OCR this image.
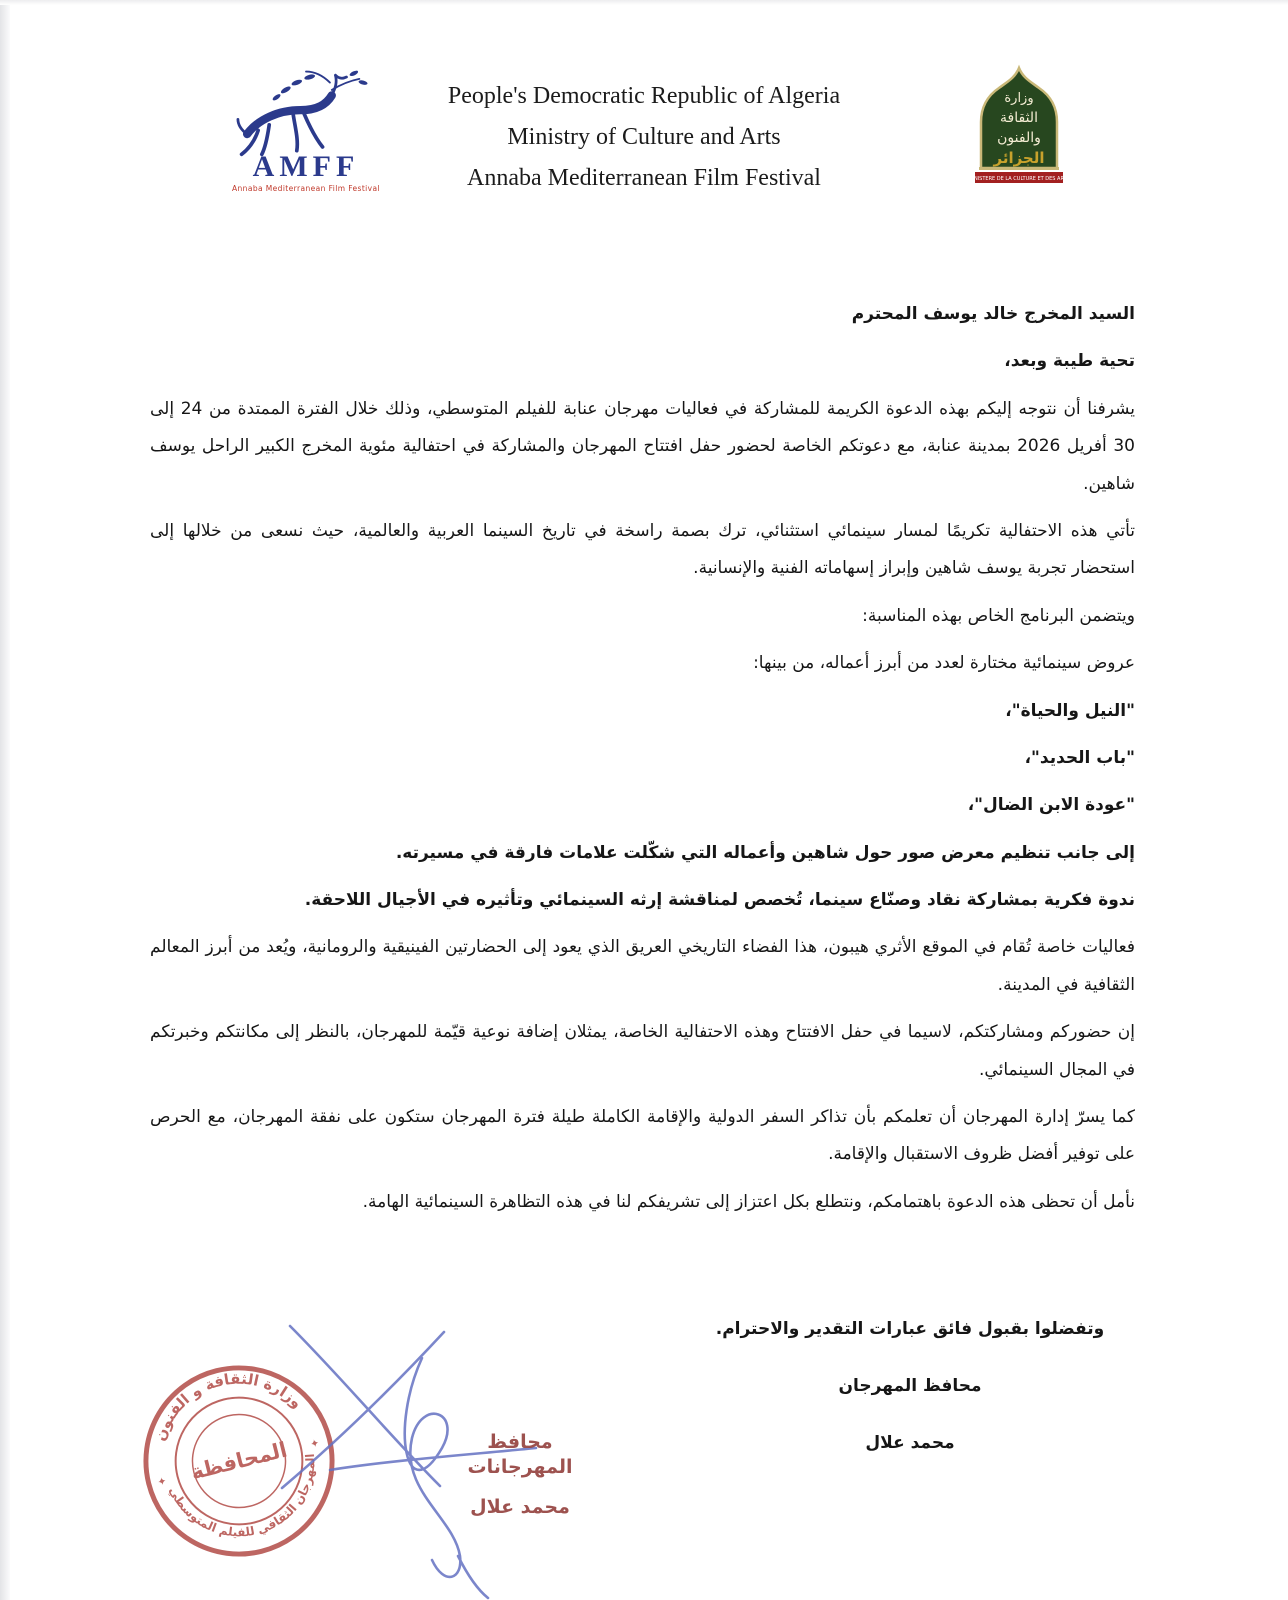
AMFF
Annaba Mediterranean Film Festival
People's Democratic Republic of Algeria
Ministry of Culture and Arts
Annaba Mediterranean Film Festival
وزارة
الثقافة
والفنون
الجزائر
MINISTERE DE LA CULTURE ET DES ARTS

السيد المخرج خالد يوسف المحترم

تحية طيبة وبعد،

يشرفنا أن نتوجه إليكم بهذه الدعوة الكريمة للمشاركة في فعاليات مهرجان عنابة للفيلم المتوسطي، وذلك خلال الفترة الممتدة من 24 إلى 30 أفريل 2026 بمدينة عنابة، مع دعوتكم الخاصة لحضور حفل افتتاح المهرجان والمشاركة في احتفالية مئوية المخرج الكبير الراحل يوسف شاهين.

تأتي هذه الاحتفالية تكريمًا لمسار سينمائي استثنائي، ترك بصمة راسخة في تاريخ السينما العربية والعالمية، حيث نسعى من خلالها إلى استحضار تجربة يوسف شاهين وإبراز إسهاماته الفنية والإنسانية.

ويتضمن البرنامج الخاص بهذه المناسبة:

عروض سينمائية مختارة لعدد من أبرز أعماله، من بينها:

"النيل والحياة"،

"باب الحديد"،

"عودة الابن الضال"،

إلى جانب تنظيم معرض صور حول شاهين وأعماله التي شكّلت علامات فارقة في مسيرته.

ندوة فكرية بمشاركة نقاد وصنّاع سينما، تُخصص لمناقشة إرثه السينمائي وتأثيره في الأجيال اللاحقة.

فعاليات خاصة تُقام في الموقع الأثري هيبون، هذا الفضاء التاريخي العريق الذي يعود إلى الحضارتين الفينيقية والرومانية، ويُعد من أبرز المعالم الثقافية في المدينة.

إن حضوركم ومشاركتكم، لاسيما في حفل الافتتاح وهذه الاحتفالية الخاصة، يمثلان إضافة نوعية قيّمة للمهرجان، بالنظر إلى مكانتكم وخبرتكم في المجال السينمائي.

كما يسرّ إدارة المهرجان أن تعلمكم بأن تذاكر السفر الدولية والإقامة الكاملة طيلة فترة المهرجان ستكون على نفقة المهرجان، مع الحرص على توفير أفضل ظروف الاستقبال والإقامة.

نأمل أن تحظى هذه الدعوة باهتمامكم، ونتطلع بكل اعتزاز إلى تشريفكم لنا في هذه التظاهرة السينمائية الهامة.

وتفضلوا بقبول فائق عبارات التقدير والاحترام.
محافظ المهرجان
محمد علال
وزارة الثقافة و الفنون
المهرجان الثقافي للفيلم المتوسطي
المحافظة
✦
✦	محافظ المهرجانات
محمد علال
